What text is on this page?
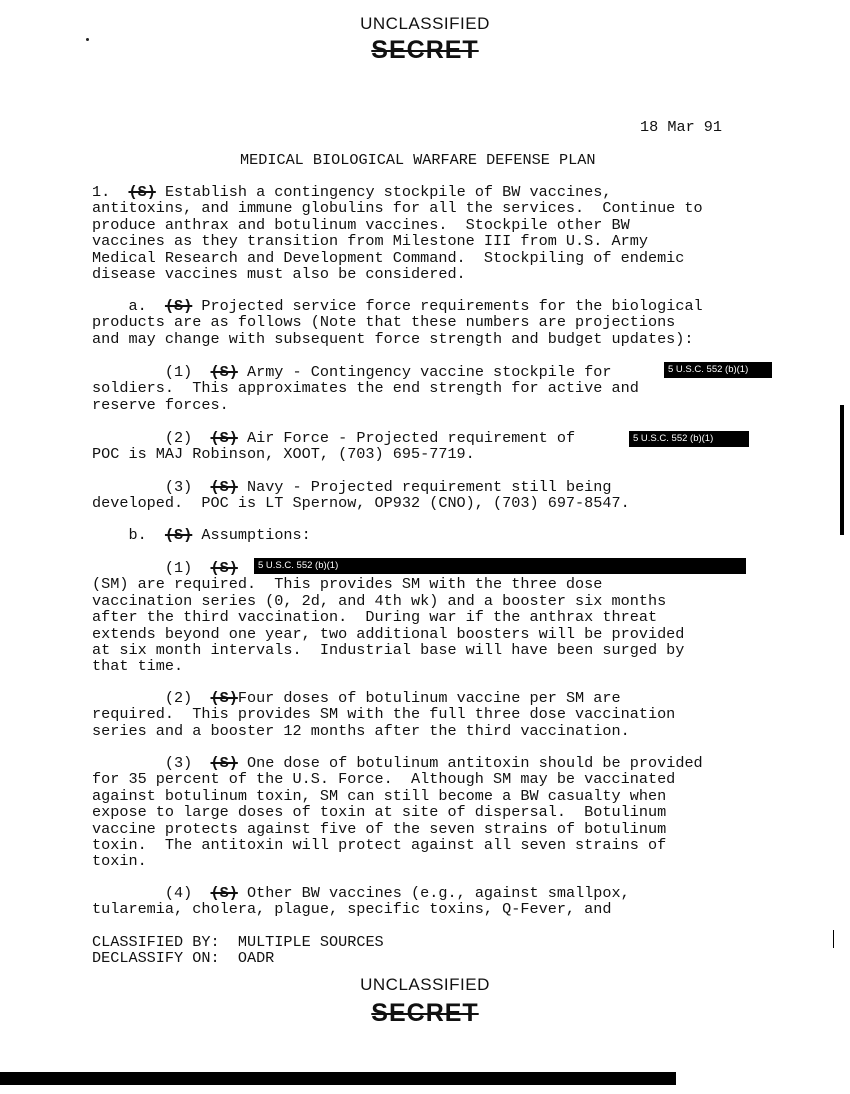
UNCLASSIFIED
SECRET
18 Mar 91
MEDICAL BIOLOGICAL WARFARE DEFENSE PLAN
1. (S) Establish a contingency stockpile of BW vaccines,
antitoxins, and immune globulins for all the services.  Continue to
produce anthrax and botulinum vaccines.  Stockpile other BW
vaccines as they transition from Milestone III from U.S. Army
Medical Research and Development Command.  Stockpiling of endemic
disease vaccines must also be considered.
a. (S) Projected service force requirements for the biological
products are as follows (Note that these numbers are projections
and may change with subsequent force strength and budget updates):
(1) (S) Army - Contingency vaccine stockpile for
soldiers.  This approximates the end strength for active and
reserve forces.
5 U.S.C. 552 (b)(1)
(2) (S) Air Force - Projected requirement of
POC is MAJ Robinson, XOOT, (703) 695-7719.
5 U.S.C. 552 (b)(1)
(3) (S) Navy - Projected requirement still being
developed.  POC is LT Spernow, OP932 (CNO), (703) 697-8547.
b. (S) Assumptions:
(1) (S)
(SM) are required.  This provides SM with the three dose
vaccination series (0, 2d, and 4th wk) and a booster six months
after the third vaccination.  During war if the anthrax threat
extends beyond one year, two additional boosters will be provided
at six month intervals.  Industrial base will have been surged by
that time.
5 U.S.C. 552 (b)(1)
(2) (S)Four doses of botulinum vaccine per SM are
required.  This provides SM with the full three dose vaccination
series and a booster 12 months after the third vaccination.
(3) (S) One dose of botulinum antitoxin should be provided
for 35 percent of the U.S. Force.  Although SM may be vaccinated
against botulinum toxin, SM can still become a BW casualty when
expose to large doses of toxin at site of dispersal.  Botulinum
vaccine protects against five of the seven strains of botulinum
toxin.  The antitoxin will protect against all seven strains of
toxin.
(4) (S) Other BW vaccines (e.g., against smallpox,
tularemia, cholera, plague, specific toxins, Q-Fever, and
CLASSIFIED BY: MULTIPLE SOURCES
DECLASSIFY ON: OADR
UNCLASSIFIED
SECRET
